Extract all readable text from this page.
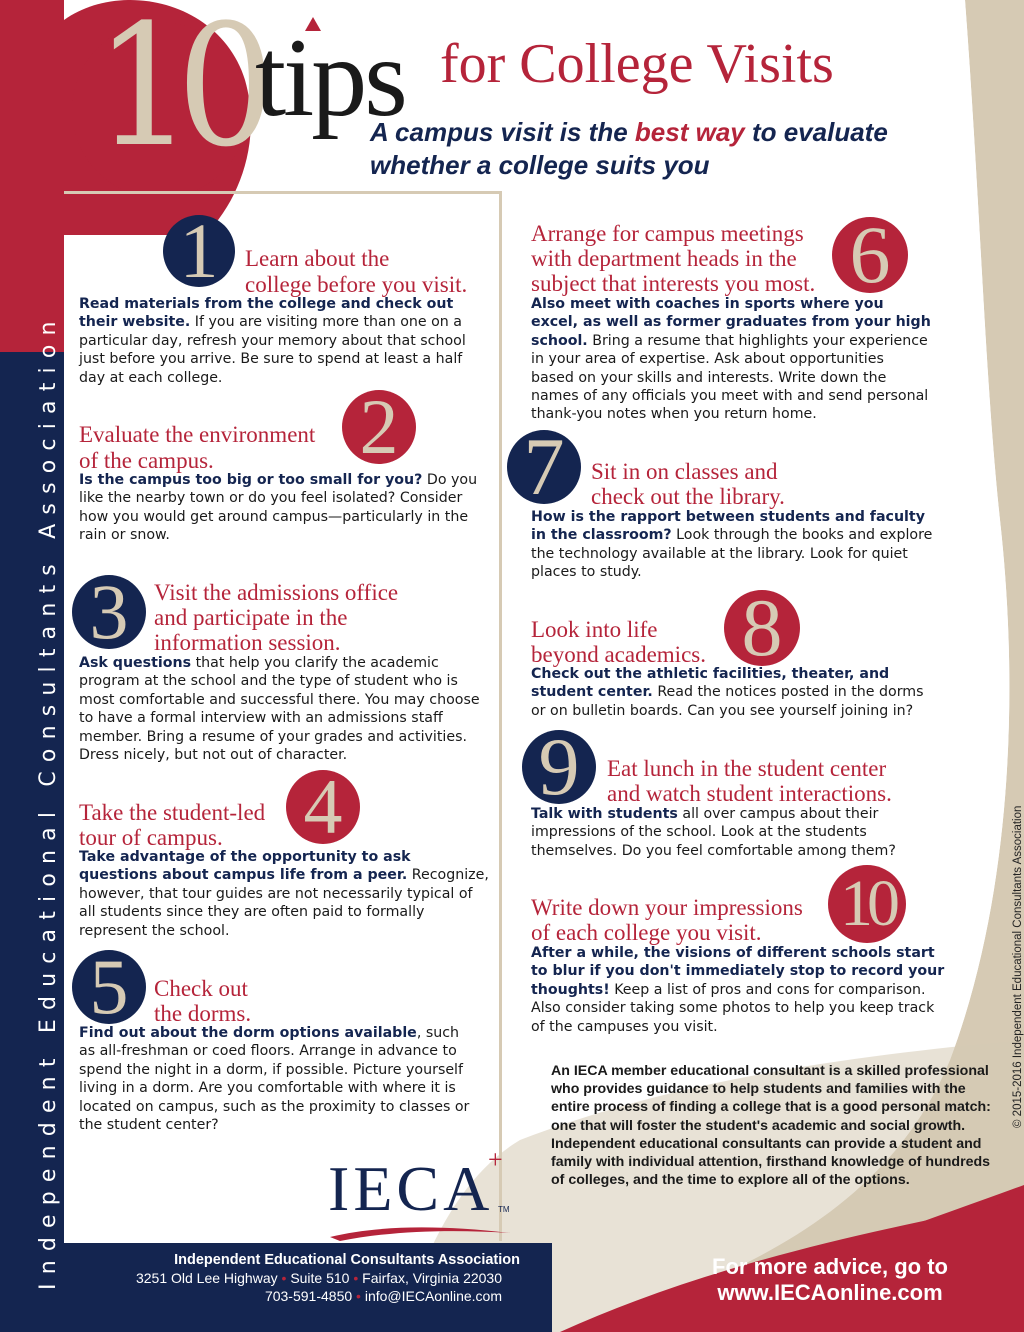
Independent Educational Consultants Association
10
tips for College Visits
A campus visit is the best way to evaluate whether a college suits you
1	Learn about the
college before you visit.
Read materials from the college and check out their website. If you are visiting more than one on a particular day, refresh your memory about that school just before you arrive. Be sure to spend at least a half day at each college.
2
Evaluate the environment
of the campus.
Is the campus too big or too small for you? Do you like the nearby town or do you feel isolated? Consider how you would get around campus—particularly in the rain or snow.
3	Visit the admissions office
and participate in the
information session.
Ask questions that help you clarify the academic program at the school and the type of student who is most comfortable and successful there. You may choose to have a formal interview with an admissions staff member. Bring a resume of your grades and activities. Dress nicely, but not out of character.
4
Take the student-led
tour of campus.
Take advantage of the opportunity to ask questions about campus life from a peer. Recognize, however, that tour guides are not necessarily typical of all students since they are often paid to formally represent the school.
5	Check out
the dorms.
Find out about the dorm options available, such as all-freshman or coed floors. Arrange in advance to spend the night in a dorm, if possible. Picture yourself living in a dorm. Are you comfortable with where it is located on campus, such as the proximity to classes or the student center?
6
Arrange for campus meetings
with department heads in the
subject that interests you most.
Also meet with coaches in sports where you excel, as well as former graduates from your high school. Bring a resume that highlights your experience in your area of expertise. Ask about opportunities based on your skills and interests. Write down the names of any officials you meet with and send personal thank-you notes when you return home.
7	Sit in on classes and
check out the library.
How is the rapport between students and faculty in the classroom? Look through the books and explore the technology available at the library. Look for quiet places to study.
8
Look into life
beyond academics.
Check out the athletic facilities, theater, and student center. Read the notices posted in the dorms or on bulletin boards. Can you see yourself joining in?
9	Eat lunch in the student center
and watch student interactions.
Talk with students all over campus about their impressions of the school. Look at the students themselves. Do you feel comfortable among them?
10
Write down your impressions
of each college you visit.
After a while, the visions of different schools start to blur if you don't immediately stop to record your thoughts! Keep a list of pros and cons for comparison. Also consider taking some photos to help you keep track of the campuses you visit.
IECA
+
TM
An IECA member educational consultant is a skilled professional who provides guidance to help students and families with the entire process of finding a college that is a good personal match: one that will foster the student's academic and social growth. Independent educational consultants can provide a student and family with individual attention, firsthand knowledge of hundreds of colleges, and the time to explore all of the options.
Independent Educational Consultants Association
3251 Old Lee Highway • Suite 510 • Fairfax, Virginia 22030
703-591-4850 • info@IECAonline.com
For more advice, go to
www.IECAonline.com
© 2015-2016 Independent Educational Consultants Association
